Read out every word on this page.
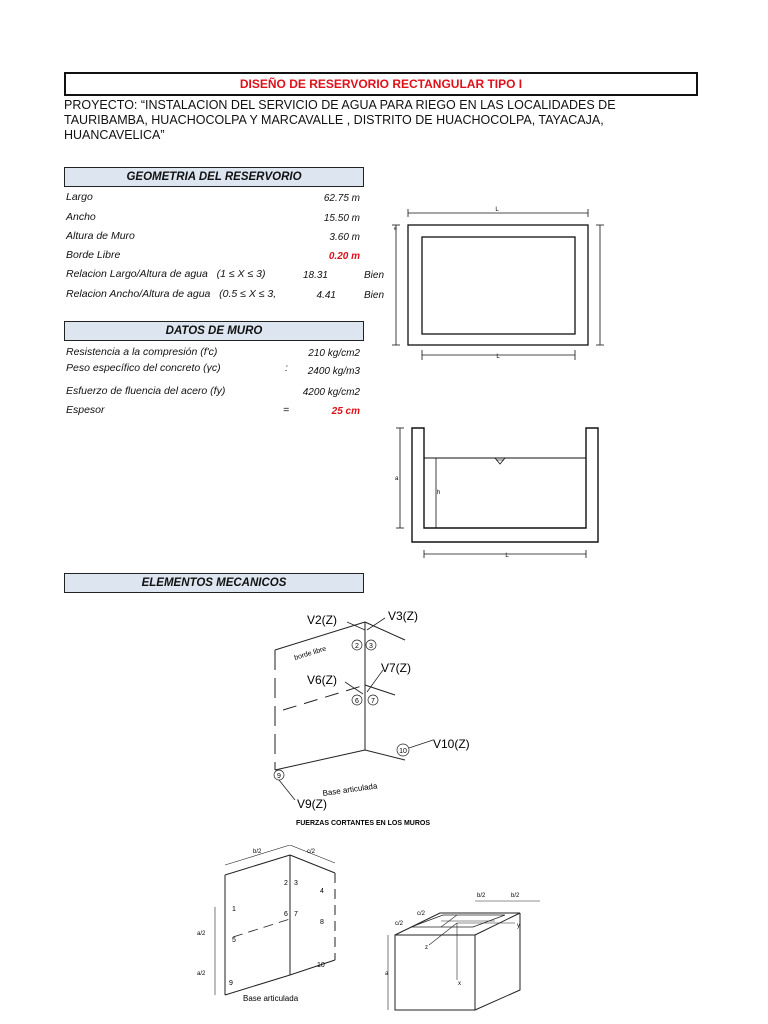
DISEÑO DE RESERVORIO RECTANGULAR TIPO I
PROYECTO: “INSTALACION DEL SERVICIO DE AGUA PARA RIEGO EN LAS LOCALIDADES DE TAURIBAMBA, HUACHOCOLPA Y MARCAVALLE , DISTRITO DE HUACHOCOLPA, TAYACAJA, HUANCAVELICA”
GEOMETRIA DEL RESERVORIO
Largo	62.75 m
Ancho	15.50 m
Altura de Muro	3.60 m
Borde Libre	0.20 m
Relacion Largo/Altura de agua   (1 ≤ X ≤ 3)	18.31	Bien
Relacion Ancho/Altura de agua   (0.5 ≤ X ≤ 3,	4.41	Bien
DATOS DE MURO
Resistencia a la compresión (f'c)	210 kg/cm2
Peso específico del concreto (γc)	:	2400 kg/m3
Esfuerzo de fluencia del acero (fy)	4200 kg/cm2
Espesor	=	25 cm
ELEMENTOS MECANICOS
L
L
e
h
a
L
V2(Z)	V3(Z)
V6(Z)
V7(Z)
V10(Z)
V9(Z)
borde libre
Base articulada
2 3
6 7
9
10
FUERZAS CORTANTES EN LOS MUROS
b/2	c/2
a/2
a/2
Base articulada
1
2 3
4
5
6 7
8
9
10
y
z
x
b/2	b/2
c/2
c/2
a
